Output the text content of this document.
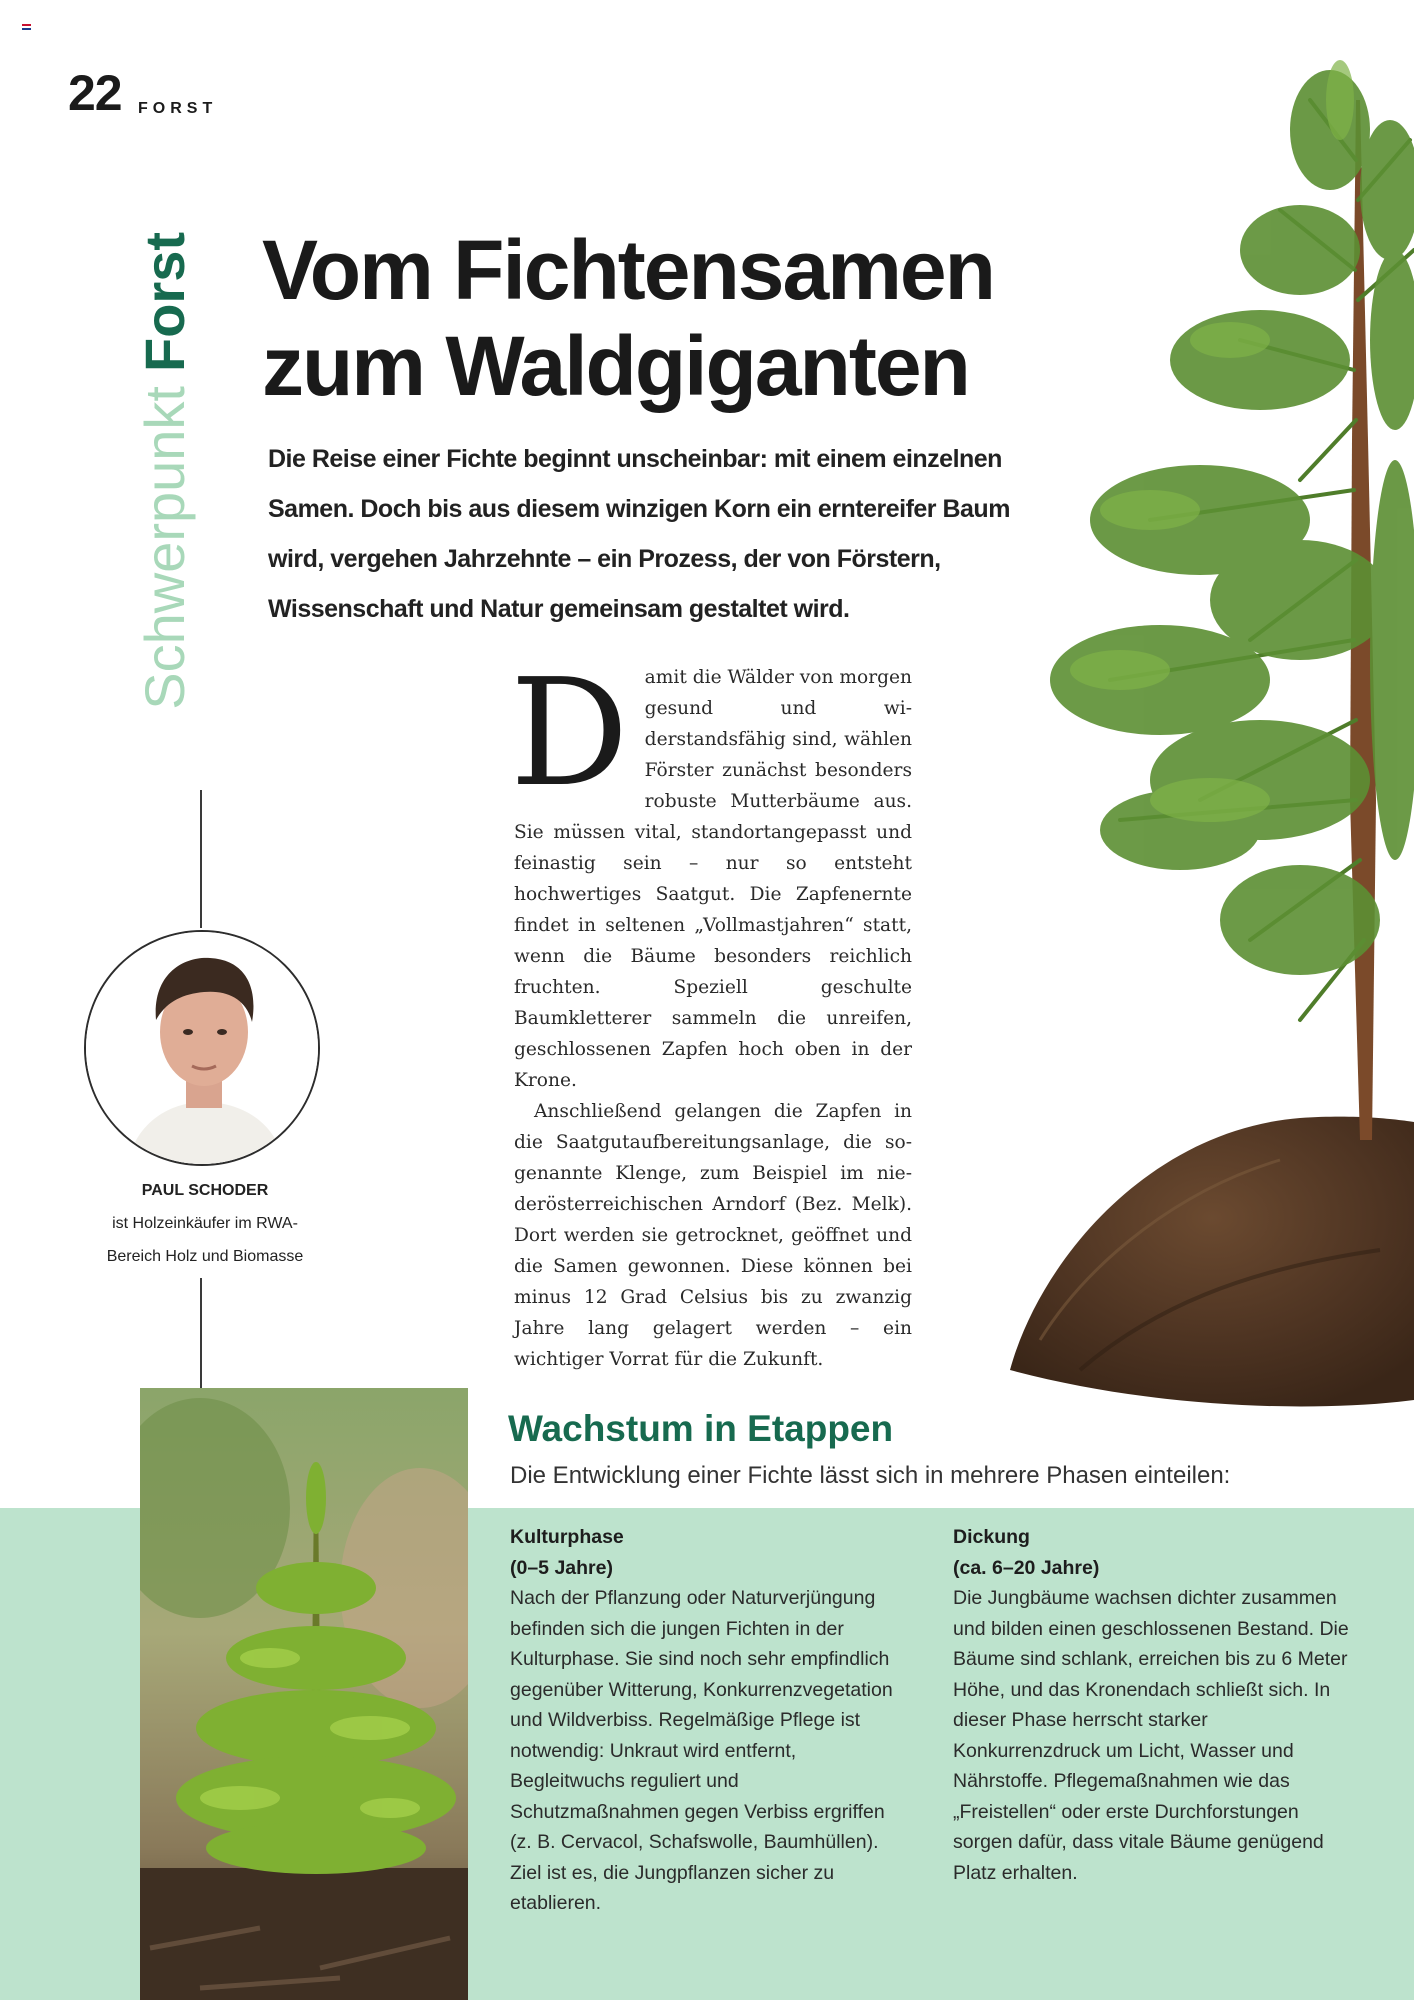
22 FORST
SchwerpunktForst Vom Fichtensamen
zum Waldgiganten

Die Reise einer Fichte beginnt unscheinbar: mit einem einzelnen Samen. Doch bis aus diesem winzigen Korn ein erntereifer Baum wird, vergehen Jahrzehnte – ein Prozess, der von Förstern, Wissenschaft und Natur gemeinsam gestaltet wird.

PAUL SCHODER
ist Holzeinkäufer im RWA-
Bereich Holz und Biomasse
D amit die Wälder von morgen gesund und widerstandsfähig sind, wählen Förster zunächst besonders robuste Mutterbäume aus. Sie müssen vital, standortangepasst und feinastig sein – nur so entsteht hochwertiges Saatgut. Die Zapfenernte findet in seltenen „Vollmastjahren“ statt, wenn die Bäume besonders reichlich fruchten. Speziell geschulte Baumkletterer sammeln die unreifen, geschlossenen Zapfen hoch oben in der Krone.

Anschließend gelangen die Zapfen in die Saatgutaufbereitungsanlage, die sogenannte Klenge, zum Beispiel im niederösterreichischen Arndorf (Bez. Melk). Dort werden sie getrocknet, geöffnet und die Samen gewonnen. Diese können bei minus 12 Grad Celsius bis zu zwanzig Jahre lang gelagert werden – ein wichtiger Vorrat für die Zukunft.

Wachstum in Etappen

Die Entwicklung einer Fichte lässt sich in mehrere Phasen einteilen:

Kulturphase
(0–5 Jahre)

Nach der Pflanzung oder Naturverjüngung befinden sich die jungen Fichten in der Kulturphase. Sie sind noch sehr empfindlich gegenüber Witterung, Konkurrenzvegetation und Wildverbiss. Regelmäßige Pflege ist notwendig: Unkraut wird entfernt, Begleitwuchs reguliert und Schutzmaßnahmen gegen Verbiss ergriffen (z. B. Cervacol, Schafswolle, Baumhüllen). Ziel ist es, die Jungpflanzen sicher zu etablieren.

Dickung
(ca. 6–20 Jahre)

Die Jungbäume wachsen dichter zusammen und bilden einen geschlossenen Bestand. Die Bäume sind schlank, erreichen bis zu 6 Meter Höhe, und das Kronendach schließt sich. In dieser Phase herrscht starker Konkurrenzdruck um Licht, Wasser und Nährstoffe. Pflegemaßnahmen wie das „Freistellen“ oder erste Durchforstungen sorgen dafür, dass vitale Bäume genügend Platz erhalten.
